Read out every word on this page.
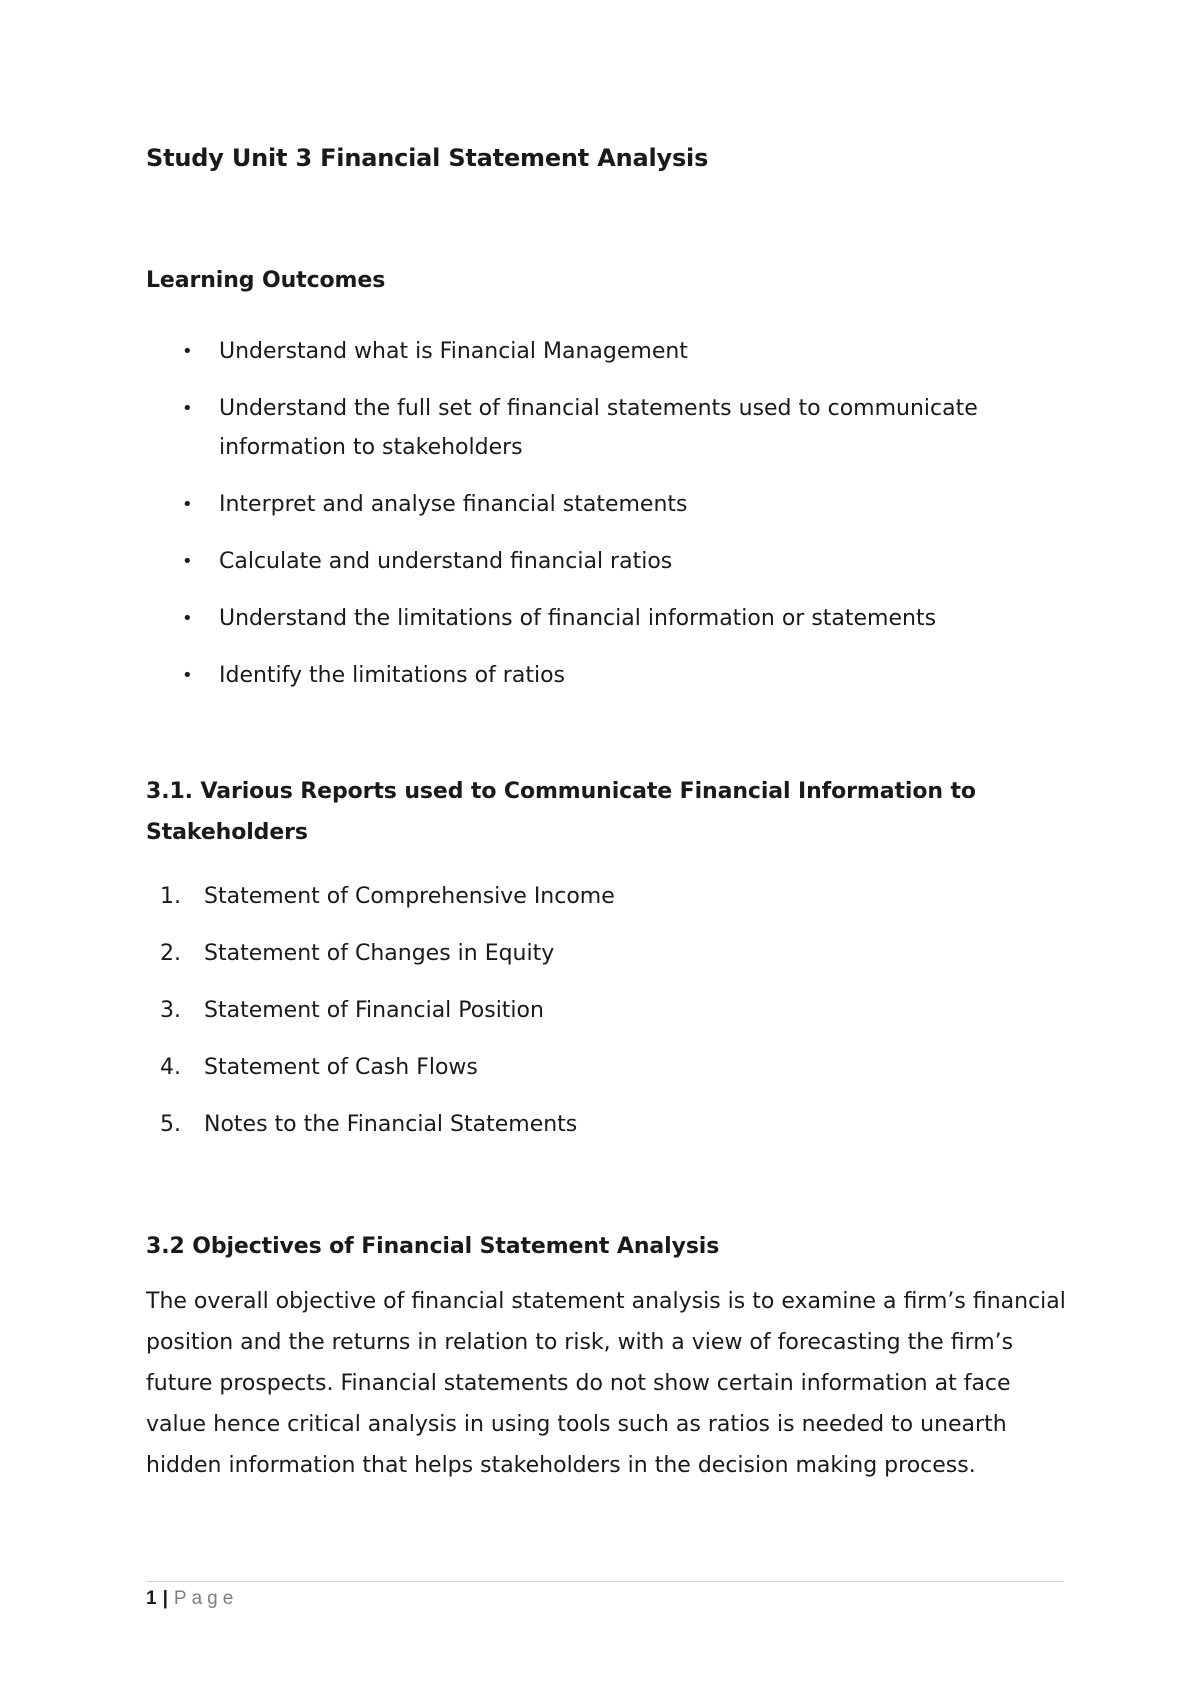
Study Unit 3 Financial Statement Analysis
Learning Outcomes
• Understand what is Financial Management
• Understand the full set of financial statements used to communicate information to stakeholders
• Interpret and analyse financial statements
• Calculate and understand financial ratios
• Understand the limitations of financial information or statements
• Identify the limitations of ratios
3.1. Various Reports used to Communicate Financial Information to Stakeholders
1. Statement of Comprehensive Income
2. Statement of Changes in Equity
3. Statement of Financial Position
4. Statement of Cash Flows
5. Notes to the Financial Statements
3.2 Objectives of Financial Statement Analysis

The overall objective of financial statement analysis is to examine a firm’s financial position and the returns in relation to risk, with a view of forecasting the firm’s future prospects. Financial statements do not show certain information at face value hence critical analysis in using tools such as ratios is needed to unearth hidden information that helps stakeholders in the decision making process.

1 | Page
